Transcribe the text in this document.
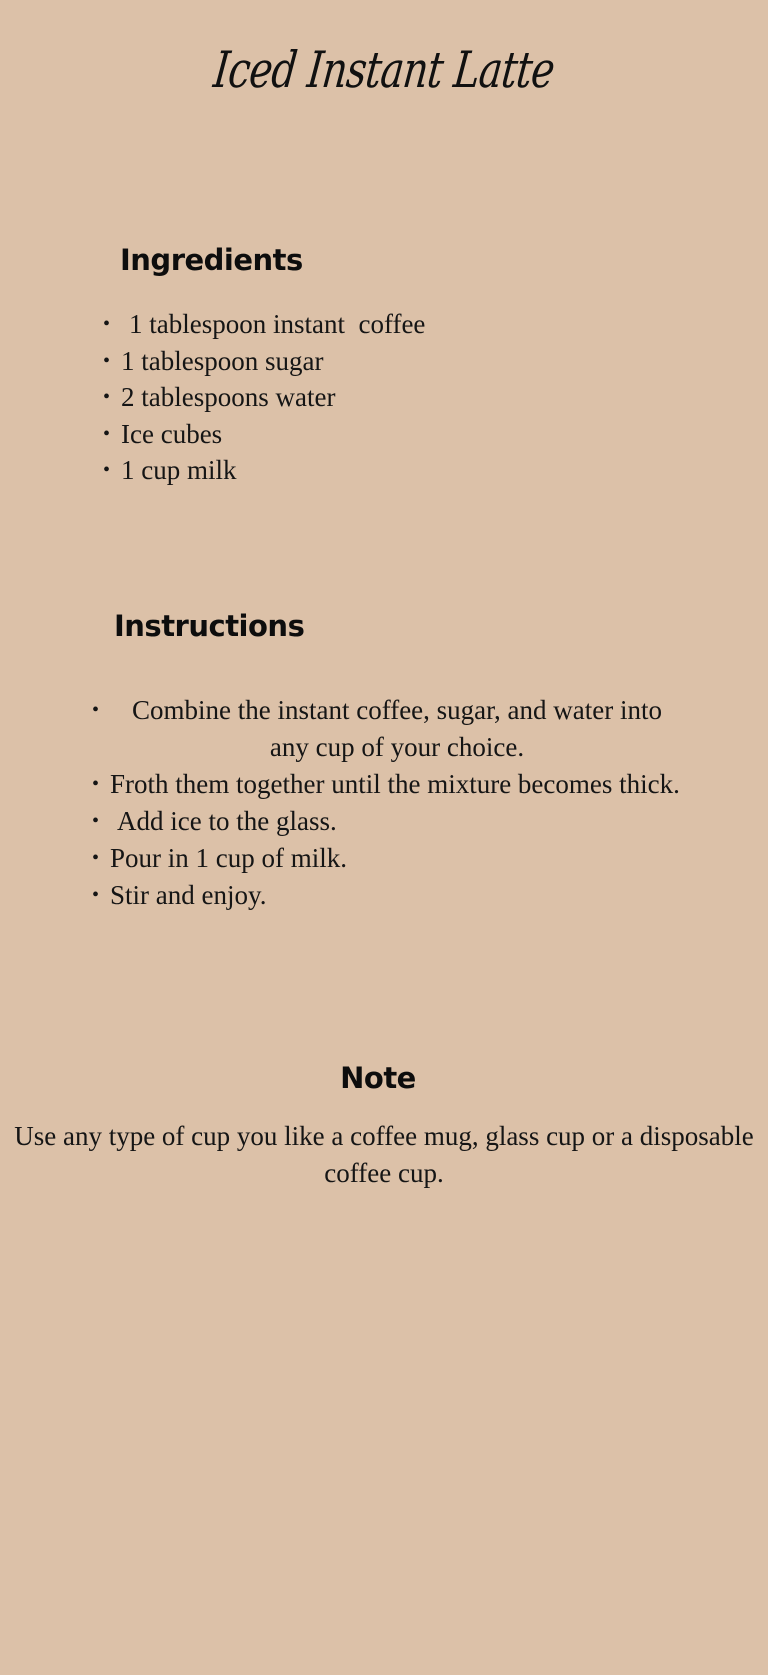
Iced Instant Latte
Ingredients
• 1 tablespoon instant  coffee
• 1 tablespoon sugar
• 2 tablespoons water
• Ice cubes
• 1 cup milk
Instructions
• Combine the instant coffee, sugar, and water into any cup of your choice.
• Froth them together until the mixture becomes thick.
• Add ice to the glass.
• Pour in 1 cup of milk.
• Stir and enjoy.
Note

Use any type of cup you like a coffee mug, glass cup or a disposable coffee cup.
